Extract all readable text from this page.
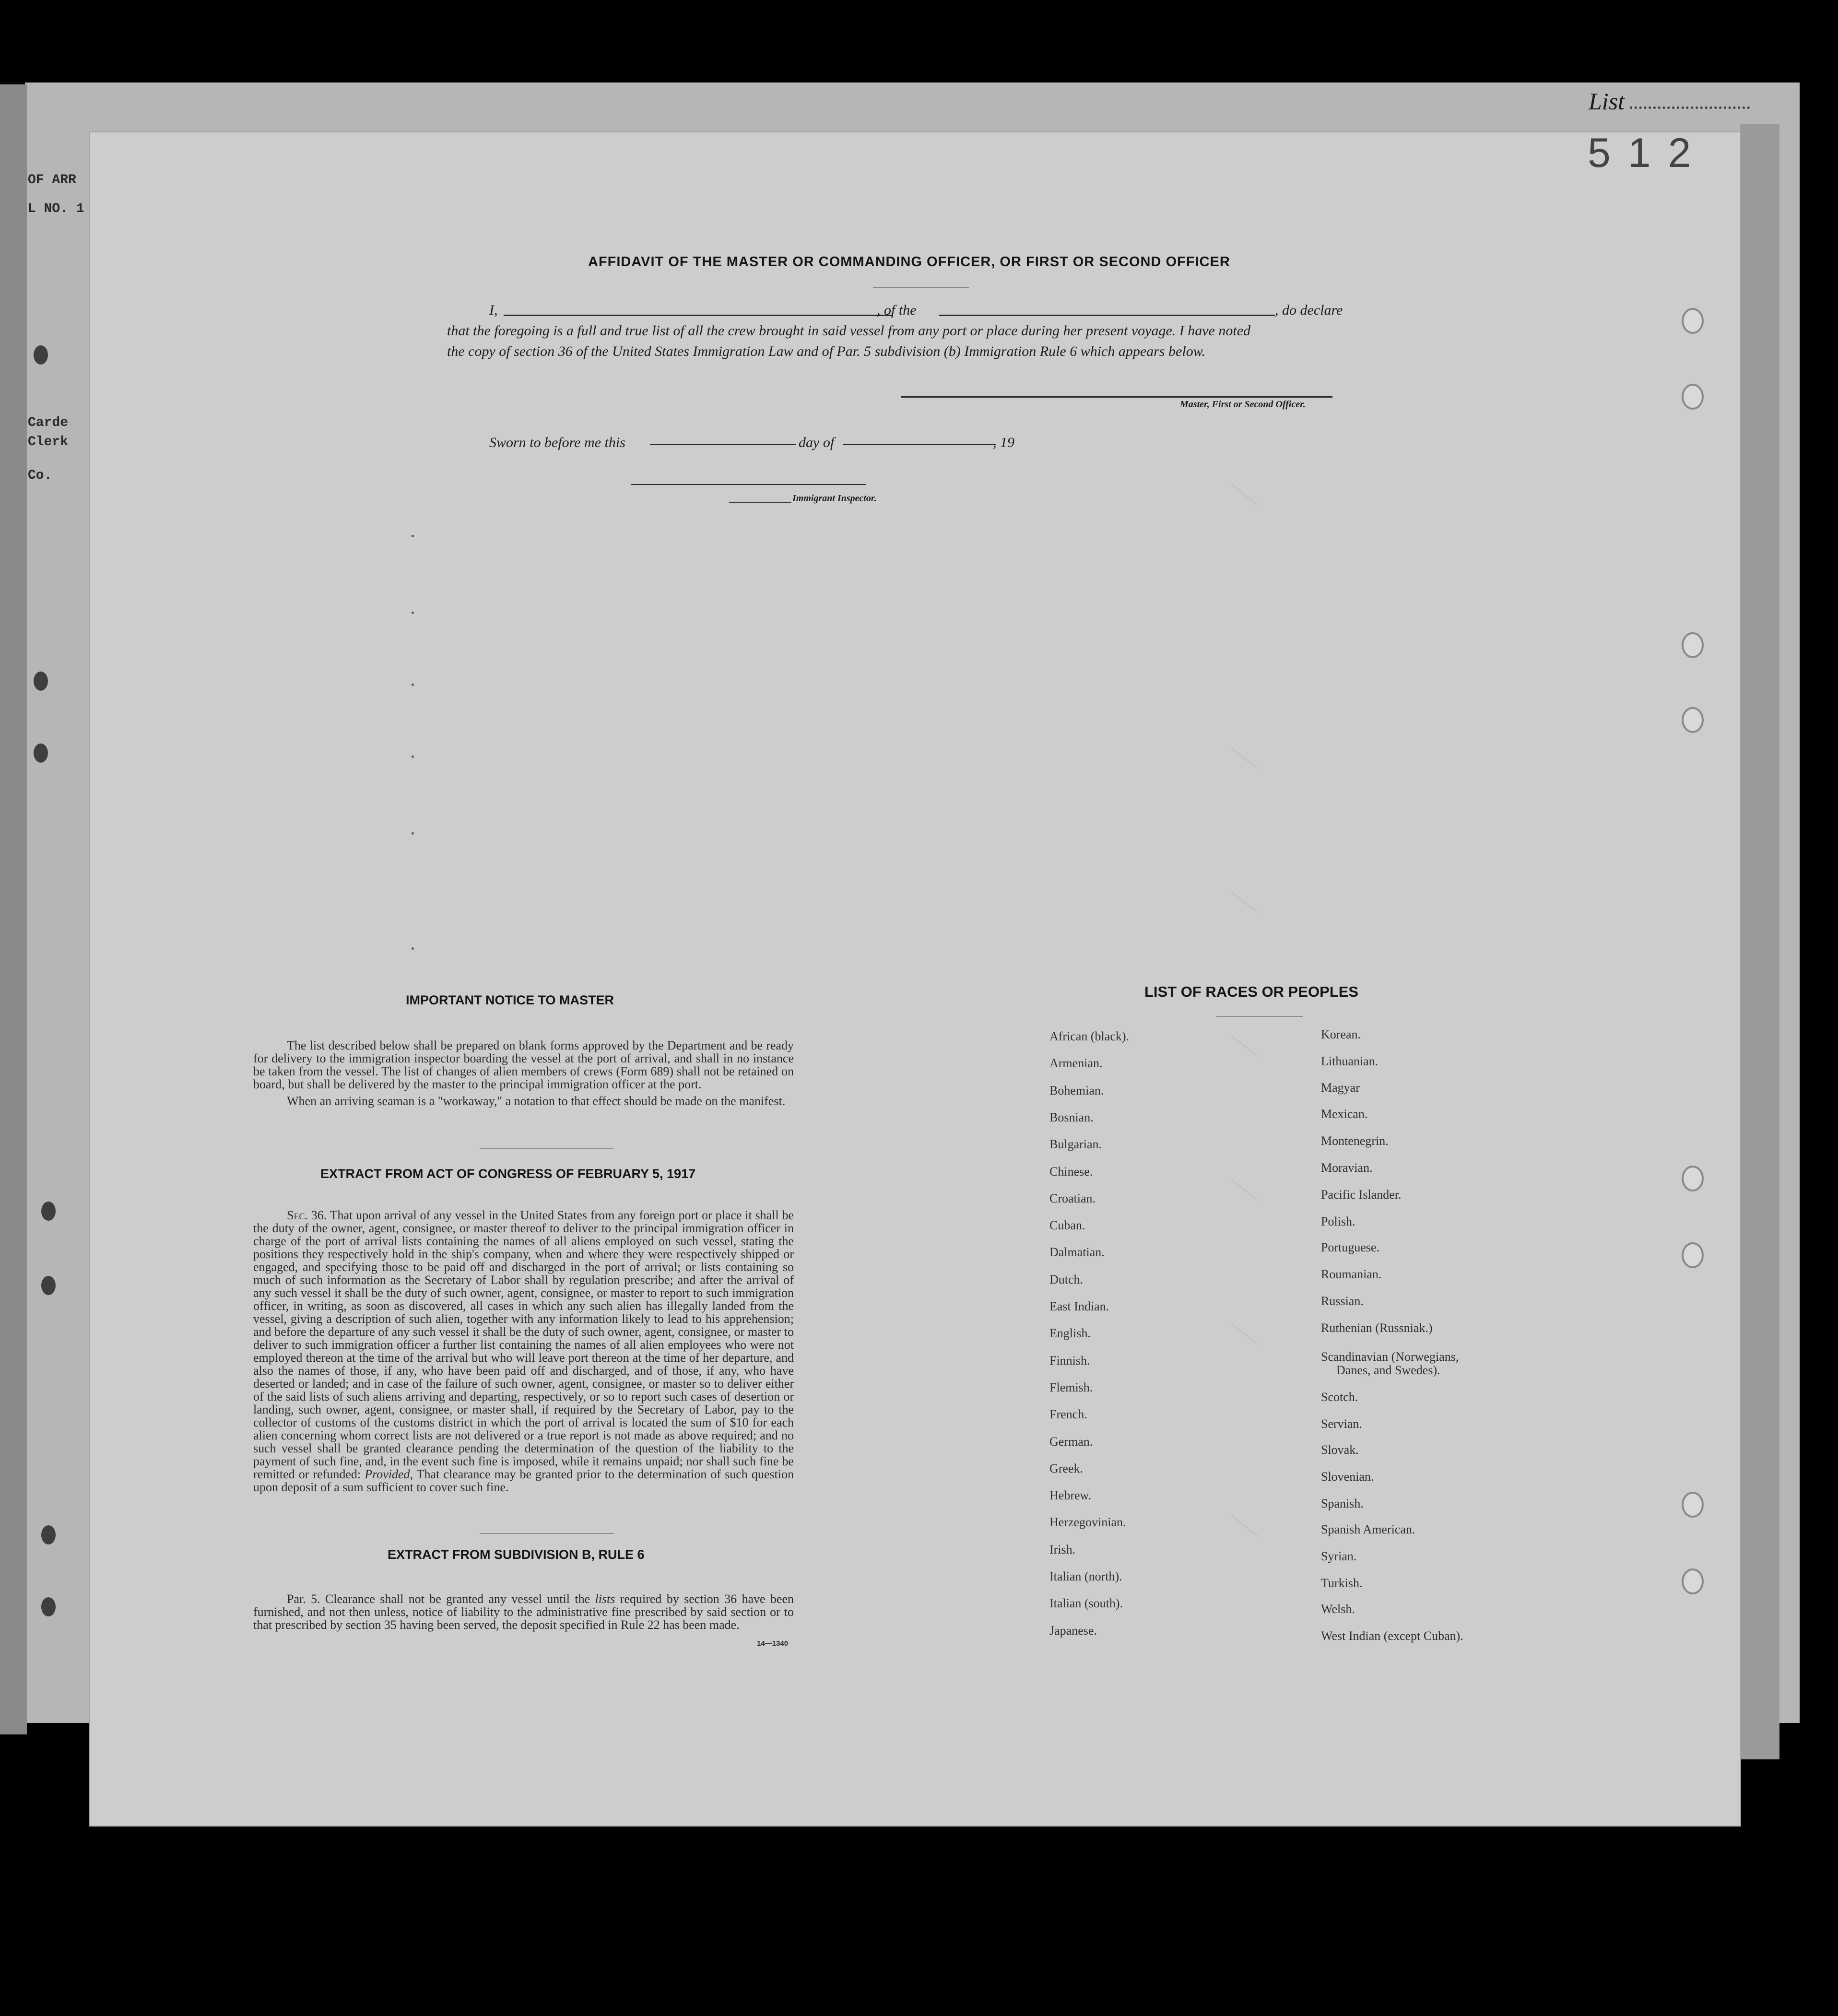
List
OF ARR
L NO. 1
Carde
Clerk
Co.
5 1 2
AFFIDAVIT OF THE MASTER OR COMMANDING OFFICER, OR FIRST OR SECOND OFFICER
I,	, of the	, do declare
that the foregoing is a full and true list of all the crew brought in said vessel from any port or place during her present voyage. I have noted
the copy of section 36 of the United States Immigration Law and of Par. 5 subdivision (b) Immigration Rule 6 which appears below.
Master, First or Second Officer.
Sworn to before me this	day of	, 19
Immigrant Inspector.
IMPORTANT NOTICE TO MASTER

The list described below shall be prepared on blank forms approved by the Department and be ready for delivery to the immigration inspector boarding the vessel at the port of arrival, and shall in no instance be taken from the vessel. The list of changes of alien members of crews (Form 689) shall not be retained on board, but shall be delivered by the master to the principal immigration officer at the port.

When an arriving seaman is a "workaway," a notation to that effect should be made on the manifest.

EXTRACT FROM ACT OF CONGRESS OF FEBRUARY 5, 1917

Sec. 36. That upon arrival of any vessel in the United States from any foreign port or place it shall be the duty of the owner, agent, consignee, or master thereof to deliver to the principal immigration officer in charge of the port of arrival lists containing the names of all aliens employed on such vessel, stating the positions they respectively hold in the ship's company, when and where they were respectively shipped or engaged, and specifying those to be paid off and discharged in the port of arrival; or lists containing so much of such information as the Secretary of Labor shall by regulation prescribe; and after the arrival of any such vessel it shall be the duty of such owner, agent, consignee, or master to report to such immigration officer, in writing, as soon as discovered, all cases in which any such alien has illegally landed from the vessel, giving a description of such alien, together with any information likely to lead to his apprehension; and before the departure of any such vessel it shall be the duty of such owner, agent, consignee, or master to deliver to such immigration officer a further list containing the names of all alien employees who were not employed thereon at the time of the arrival but who will leave port thereon at the time of her departure, and also the names of those, if any, who have been paid off and discharged, and of those, if any, who have deserted or landed; and in case of the failure of such owner, agent, consignee, or master so to deliver either of the said lists of such aliens arriving and departing, respectively, or so to report such cases of desertion or landing, such owner, agent, consignee, or master shall, if required by the Secretary of Labor, pay to the collector of customs of the customs district in which the port of arrival is located the sum of $10 for each alien concerning whom correct lists are not delivered or a true report is not made as above required; and no such vessel shall be granted clearance pending the determination of the question of the liability to the payment of such fine, and, in the event such fine is imposed, while it remains unpaid; nor shall such fine be remitted or refunded: Provided, That clearance may be granted prior to the determination of such question upon deposit of a sum sufficient to cover such fine.

EXTRACT FROM SUBDIVISION B, RULE 6

Par. 5. Clearance shall not be granted any vessel until the lists required by section 36 have been furnished, and not then unless, notice of liability to the administrative fine prescribed by said section or to that prescribed by section 35 having been served, the deposit specified in Rule 22 has been made.

14—1340
LIST OF RACES OR PEOPLES
African (black).
Armenian.
Bohemian.
Bosnian.
Bulgarian.
Chinese.
Croatian.
Cuban.
Dalmatian.
Dutch.
East Indian.
English.
Finnish.
Flemish.
French.
German.
Greek.
Hebrew.
Herzegovinian.
Irish.
Italian (north).
Italian (south).
Japanese.
Korean.
Lithuanian.
Magyar
Mexican.
Montenegrin.
Moravian.
Pacific Islander.
Polish.
Portuguese.
Roumanian.
Russian.
Ruthenian (Russniak.)
Scandinavian (Norwegians,
Danes, and Swedes).
Scotch.
Servian.
Slovak.
Slovenian.
Spanish.
Spanish American.
Syrian.
Turkish.
Welsh.
West Indian (except Cuban).
